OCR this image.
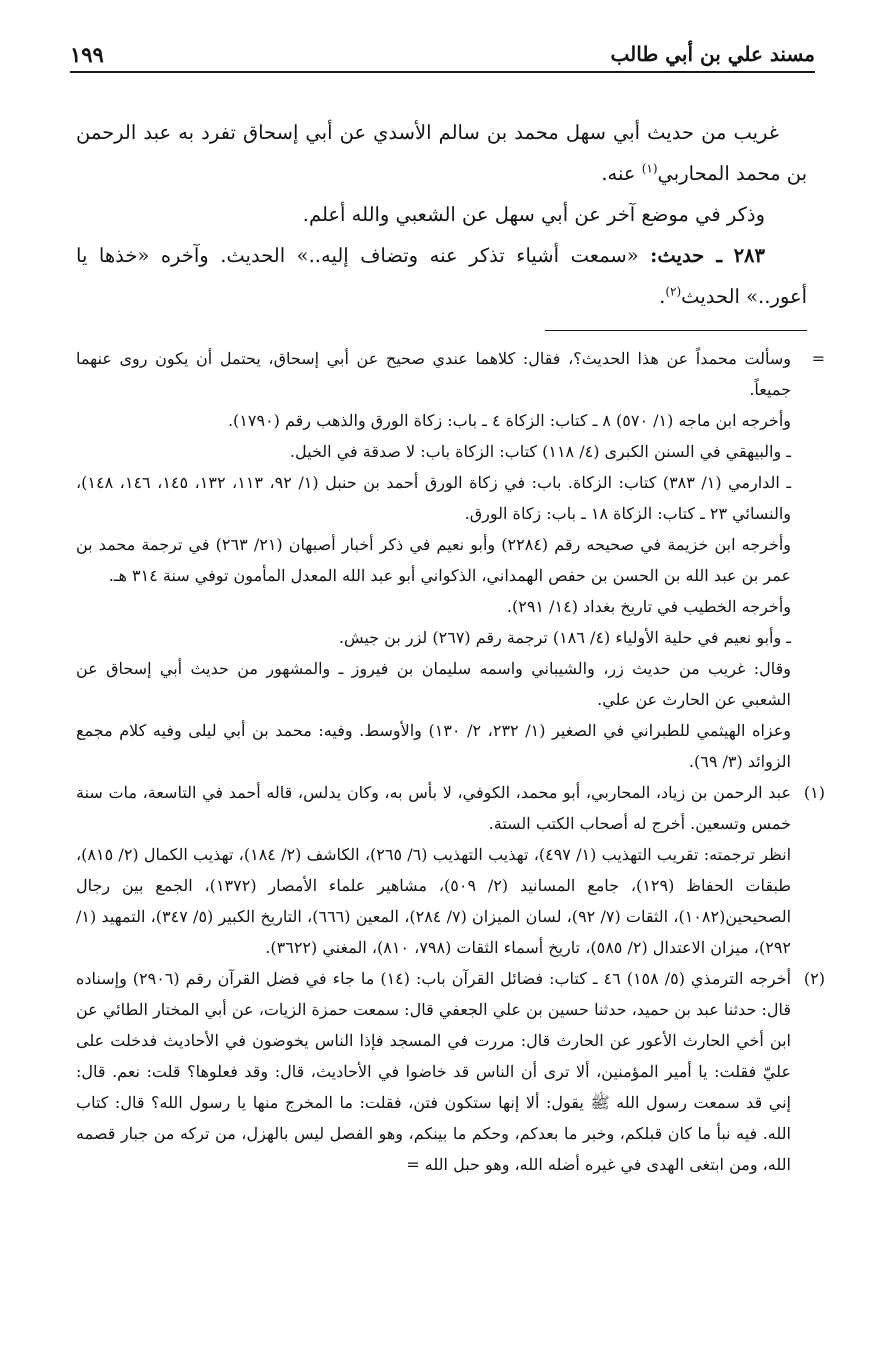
مسند علي بن أبي طالب
١٩٩

غريب من حديث أبي سهل محمد بن سالم الأسدي عن أبي إسحاق تفرد به عبد الرحمن بن محمد المحاربي$^{(١)}$ عنه.

وذكر في موضع آخر عن أبي سهل عن الشعبي والله أعلم.

٢٨٣ ـ حديث: «سمعت أشياء تذكر عنه وتضاف إليه..» الحديث. وآخره «خذها يا أعور..» الحديث$^{(٢)}$.

=
وسألت محمداً عن هذا الحديث؟، فقال: كلاهما عندي صحيح عن أبي إسحاق، يحتمل أن يكون روى عنهما جميعاً.

وأخرجه ابن ماجه (١/ ٥٧٠) ٨ ـ كتاب: الزكاة ٤ ـ باب: زكاة الورق والذهب رقم (١٧٩٠).

ـ والبيهقي في السنن الكبرى (٤/ ١١٨) كتاب: الزكاة باب: لا صدقة في الخيل.

ـ الدارمي (١/ ٣٨٣) كتاب: الزكاة. باب: في زكاة الورق أحمد بن حنبل (١/ ٩٢، ١١٣، ١٣٢، ١٤٥، ١٤٦، ١٤٨)، والنسائي ٢٣ ـ كتاب: الزكاة ١٨ ـ باب: زكاة الورق.

وأخرجه ابن خزيمة في صحيحه رقم (٢٢٨٤) وأبو نعيم في ذكر أخبار أصبهان (٢١/ ٢٦٣) في ترجمة محمد بن عمر بن عبد الله بن الحسن بن حفص الهمداني، الذكواني أبو عبد الله المعدل المأمون توفي سنة ٣١٤ هـ.

وأخرجه الخطيب في تاريخ بغداد (١٤/ ٢٩١).

ـ وأبو نعيم في حلية الأولياء (٤/ ١٨٦) ترجمة رقم (٢٦٧) لزر بن جيش.

وقال: غريب من حديث زر، والشيباني واسمه سليمان بن فيروز ـ والمشهور من حديث أبي إسحاق عن الشعبي عن الحارث عن علي.

وعزاه الهيثمي للطبراني في الصغير (١/ ٢٣٢، ٢/ ١٣٠) والأوسط. وفيه: محمد بن أبي ليلى وفيه كلام مجمع الزوائد (٣/ ٦٩).

(١)
عبد الرحمن بن زياد، المحاربي، أبو محمد، الكوفي، لا بأس به، وكان يدلس، قاله أحمد في التاسعة، مات سنة خمس وتسعين. أخرج له أصحاب الكتب الستة.

انظر ترجمته: تقريب التهذيب (١/ ٤٩٧)، تهذيب التهذيب (٦/ ٢٦٥)، الكاشف (٢/ ١٨٤)، تهذيب الكمال (٢/ ٨١٥)، طبقات الحفاظ (١٢٩)، جامع المسانيد (٢/ ٥٠٩)، مشاهير علماء الأمصار (١٣٧٢)، الجمع بين رجال الصحيحين(١٠٨٢)، الثقات (٧/ ٩٢)، لسان الميزان (٧/ ٢٨٤)، المعين (٦٦٦)، التاريخ الكبير (٥/ ٣٤٧)، التمهيد (١/ ٢٩٢)، ميزان الاعتدال (٢/ ٥٨٥)، تاريخ أسماء الثقات (٧٩٨، ٨١٠)، المغني (٣٦٢٢).

(٢)
أخرجه الترمذي (٥/ ١٥٨) ٤٦ ـ كتاب: فضائل القرآن باب: (١٤) ما جاء في فضل القرآن رقم (٢٩٠٦) وإسناده قال: حدثنا عبد بن حميد، حدثنا حسين بن علي الجعفي قال: سمعت حمزة الزيات، عن أبي المختار الطائي عن ابن أخي الحارث الأعور عن الحارث قال: مررت في المسجد فإذا الناس يخوضون في الأحاديث فدخلت على عليّ فقلت: يا أمير المؤمنين، ألا ترى أن الناس قد خاضوا في الأحاديث، قال: وقد فعلوها؟ قلت: نعم. قال: إني قد سمعت رسول الله ﷺ يقول: ألا إنها ستكون فتن، فقلت: ما المخرج منها يا رسول الله؟ قال: كتاب الله. فيه نبأ ما كان قبلكم، وخبر ما بعدكم، وحكم ما بينكم، وهو الفصل ليس بالهزل، من تركه من جبار قصمه الله، ومن ابتغى الهدى في غيره أضله الله، وهو حبل الله =
